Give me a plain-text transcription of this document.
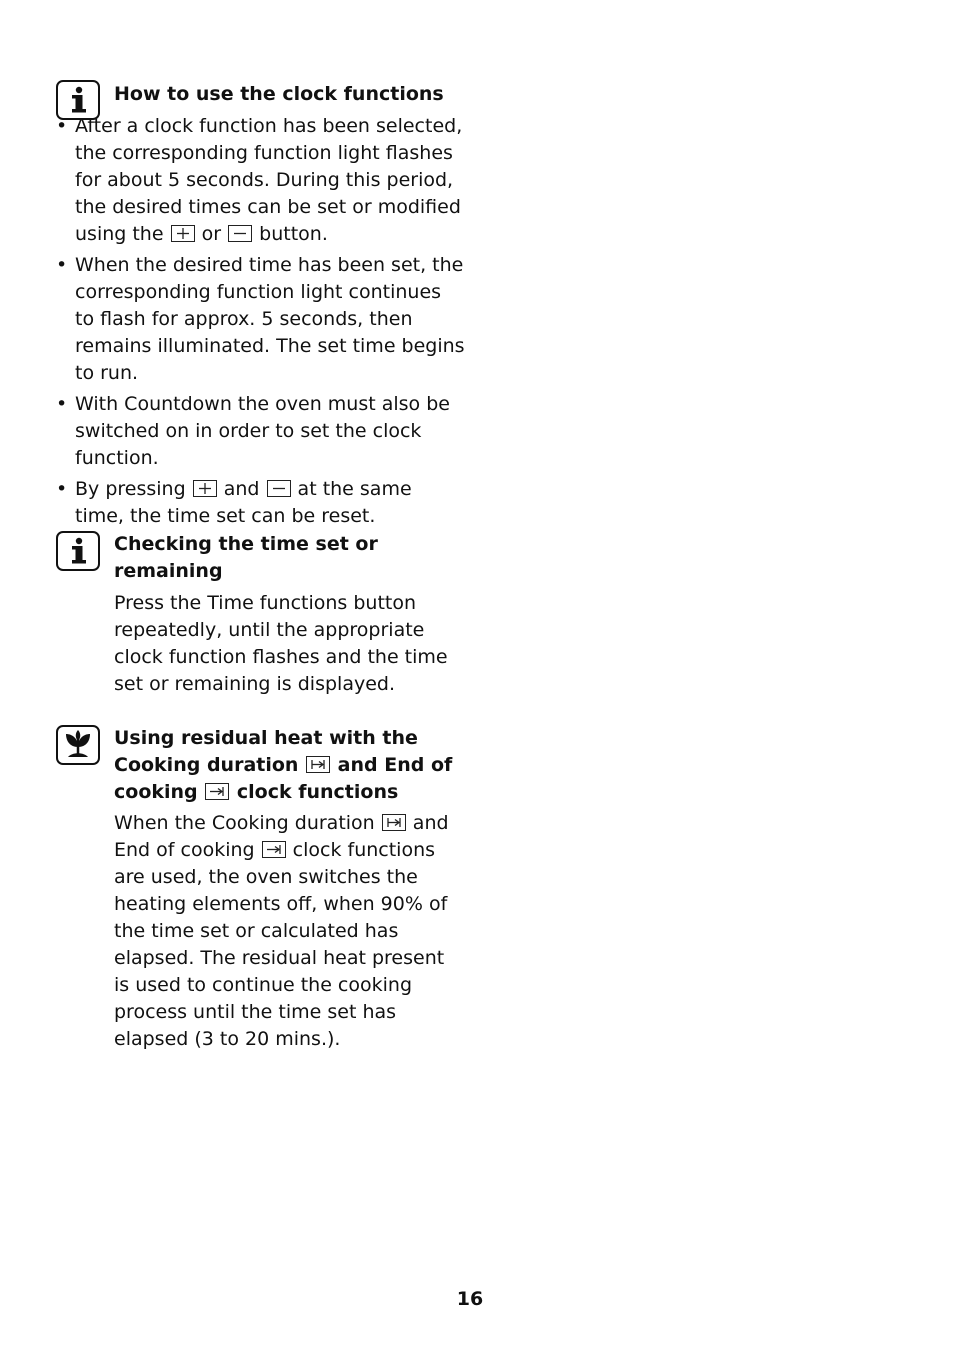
How to use the clock functions
• After a clock function has been selected, the corresponding function light flashes for about 5 seconds. During this period, the desired times can be set or modified using the
or
button.
• When the desired time has been set, the corresponding function light continues to flash for approx. 5 seconds, then remains illuminated. The set time begins to run.
• With Countdown the oven must also be switched on in order to set the clock function.
• By pressing
and
at the same time, the time set can be reset.
Checking the time set or remaining

Press the Time functions button repeatedly, until the appropriate clock function flashes and the time set or remaining is displayed.

Using residual heat with the Cooking duration
and End of cooking
clock functions

When the Cooking duration
and End of cooking
clock functions are used, the oven switches the heating elements off, when 90% of the time set or calculated has elapsed. The residual heat present is used to continue the cooking process until the time set has elapsed (3 to 20 mins.).

16
